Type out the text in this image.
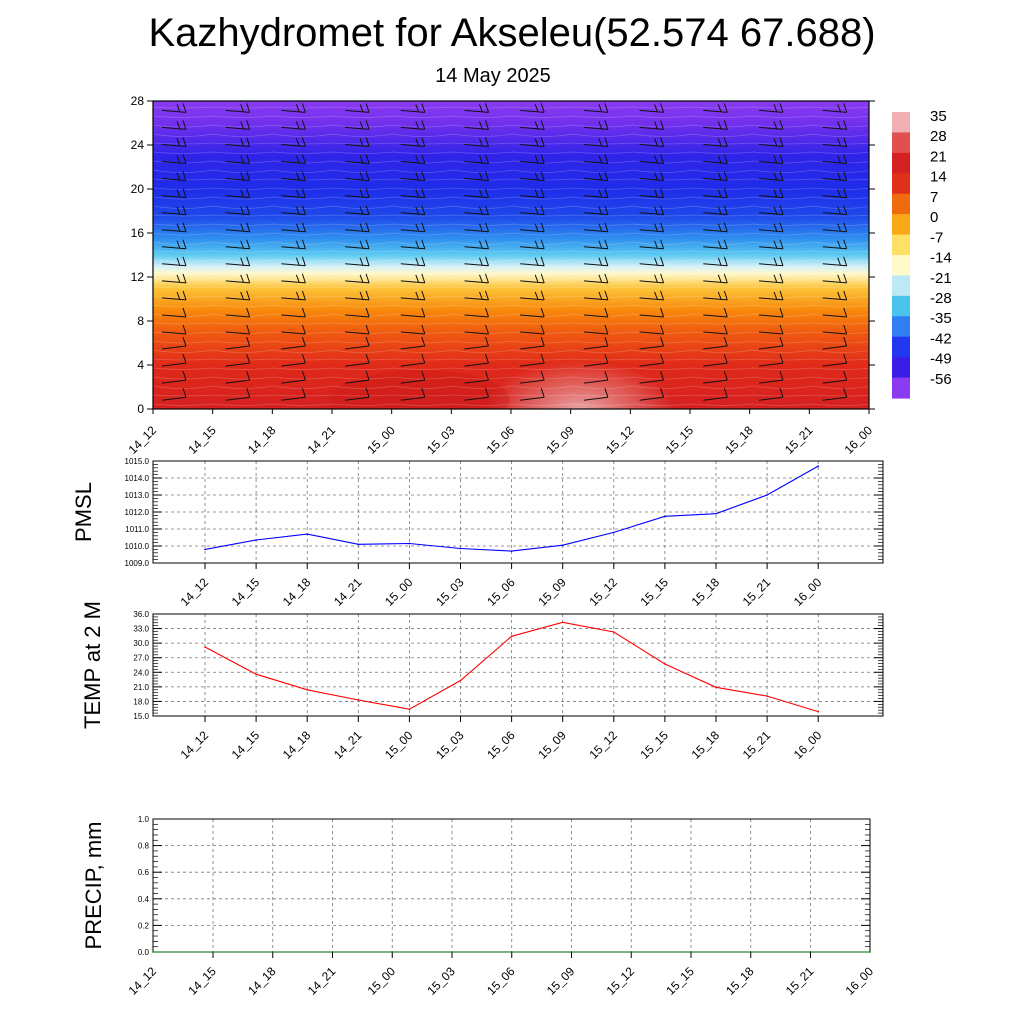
Kazhydromet for Akseleu(52.574 67.688)
14 May 2025
0
4
8
12
16
20
24
28
14_12 14_15 14_18 14_21 15_00 15_03 15_06 15_09 15_12 15_15 15_18 15_21 16_00
35
28
21
14
7
0
-7
-14
-21
-28
-35
-42
-49
-56
1009.0
1010.0
1011.0
1012.0
1013.0
1014.0
1015.0
14_12 14_15 14_18 14_21 15_00 15_03 15_06 15_09 15_12 15_15 15_18 15_21 16_00
PMSL
15.0
18.0
21.0
24.0
27.0
30.0
33.0
36.0
14_12 14_15 14_18 14_21 15_00 15_03 15_06 15_09 15_12 15_15 15_18 15_21 16_00
TEMP at 2 M
0.0
0.2
0.4
0.6
0.8
1.0
14_12 14_15 14_18 14_21 15_00 15_03 15_06 15_09 15_12 15_15 15_18 15_21 16_00
PRECIP, mm
